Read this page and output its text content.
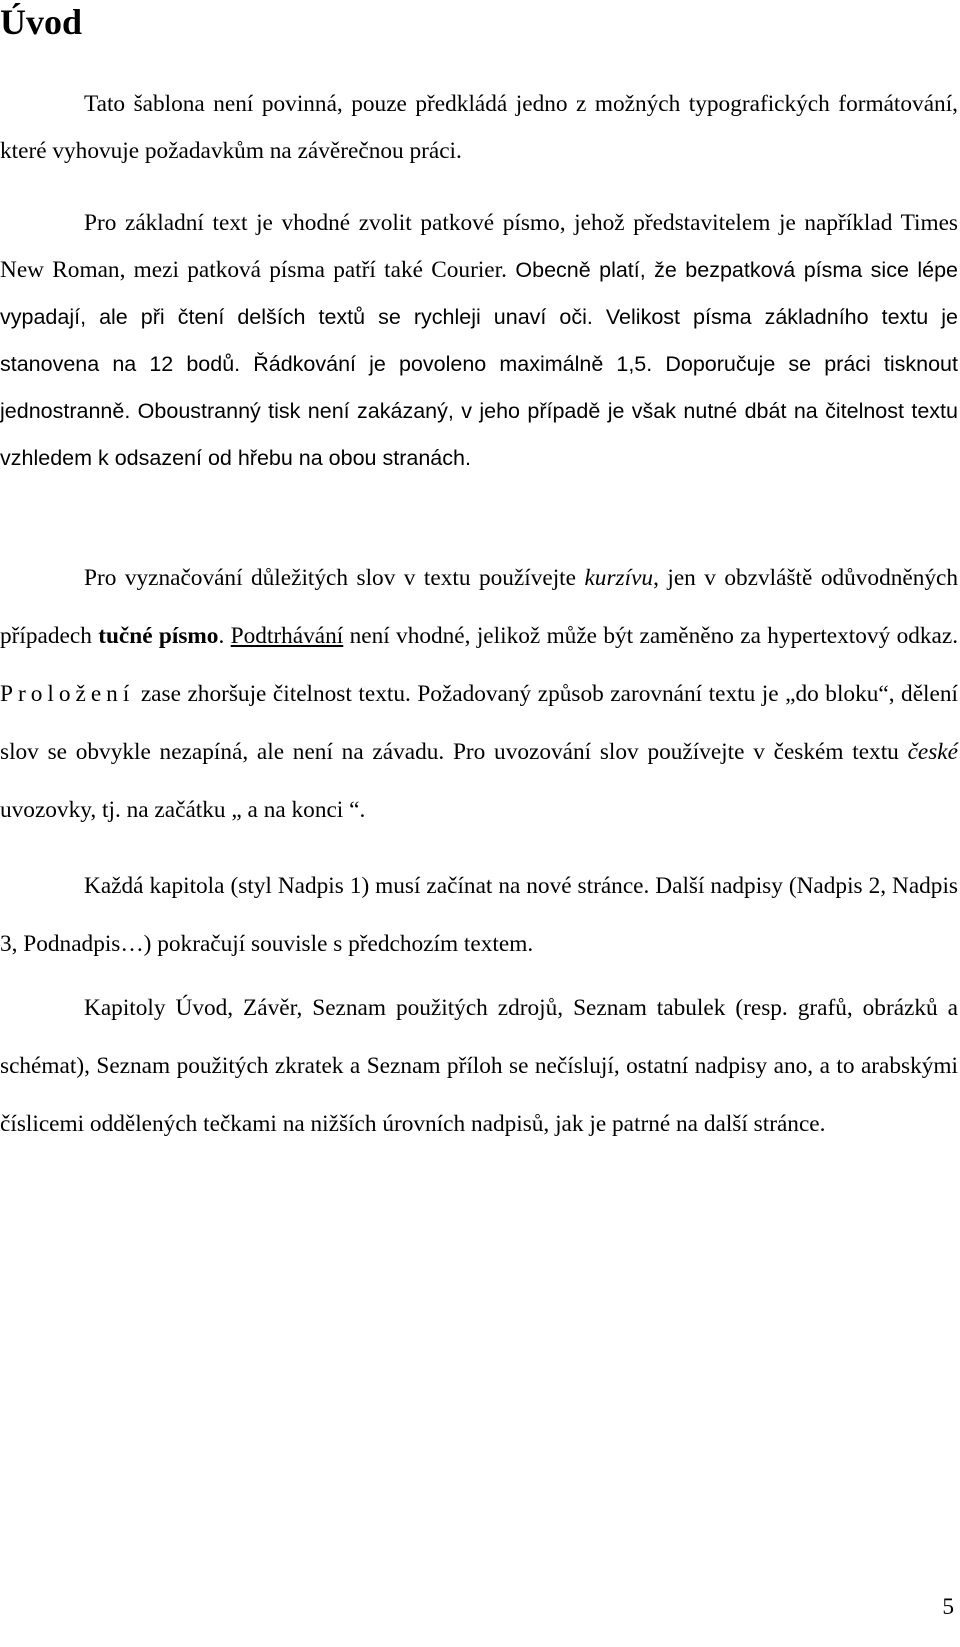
Úvod

Tato šablona není povinná, pouze předkládá jedno z možných typografických formátování, které vyhovuje požadavkům na závěrečnou práci.

Pro základní text je vhodné zvolit patkové písmo, jehož představitelem je například Times New Roman, mezi patková písma patří také Courier. Obecně platí, že bezpatková písma sice lépe vypadají, ale při čtení delších textů se rychleji unaví oči. Velikost písma základního textu je stanovena na 12 bodů. Řádkování je povoleno maximálně 1,5. Doporučuje se práci tisknout jednostranně. Oboustranný tisk není zakázaný, v jeho případě je však nutné dbát na čitelnost textu vzhledem k odsazení od hřebu na obou stranách.

Pro vyznačování důležitých slov v textu používejte kurzívu, jen v obzvláště odůvodněných případech tučné písmo. Podtrhávání není vhodné, jelikož může být zaměněno za hypertextový odkaz. Proložení zase zhoršuje čitelnost textu. Požadovaný způsob zarovnání textu je „do bloku“, dělení slov se obvykle nezapíná, ale není na závadu. Pro uvozování slov používejte v českém textu české uvozovky, tj. na začátku „ a na konci “.

Každá kapitola (styl Nadpis 1) musí začínat na nové stránce. Další nadpisy (Nadpis 2, Nadpis 3, Podnadpis…) pokračují souvisle s předchozím textem.

Kapitoly Úvod, Závěr, Seznam použitých zdrojů, Seznam tabulek (resp. grafů, obrázků a schémat), Seznam použitých zkratek a Seznam příloh se nečíslují, ostatní nadpisy ano, a to arabskými číslicemi oddělených tečkami na nižších úrovních nadpisů, jak je patrné na další stránce.

5
